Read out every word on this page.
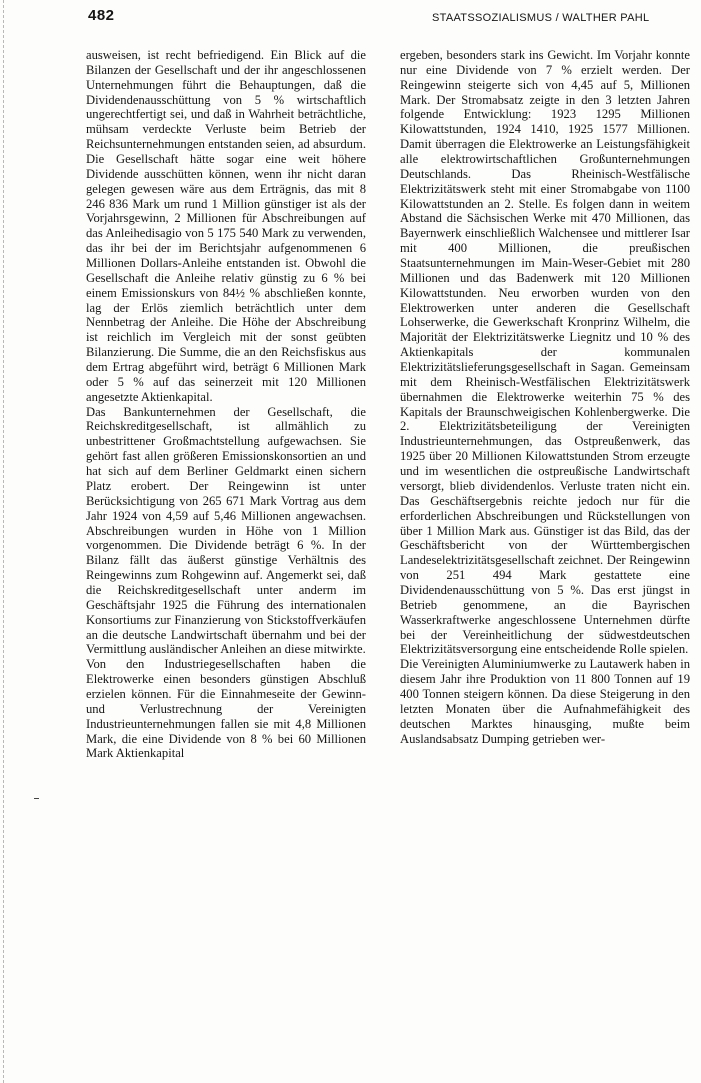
482	STAATSSOZIALISMUS / WALTHER PAHL

ausweisen, ist recht befriedigend. Ein Blick auf die Bilanzen der Gesellschaft und der ihr angeschlossenen Unternehmungen führt die Behauptungen, daß die Dividendenausschüttung von 5 % wirtschaftlich ungerechtfertigt sei, und daß in Wahrheit beträchtliche, mühsam verdeckte Verluste beim Betrieb der Reichsunternehmungen entstanden seien, ad absurdum. Die Gesellschaft hätte sogar eine weit höhere Dividende ausschütten können, wenn ihr nicht daran gelegen gewesen wäre aus dem Erträgnis, das mit 8 246 836 Mark um rund 1 Million günstiger ist als der Vorjahrsgewinn, 2 Millionen für Abschreibungen auf das Anleihedisagio von 5 175 540 Mark zu verwenden, das ihr bei der im Berichtsjahr aufgenommenen 6 Millionen Dollars-Anleihe entstanden ist. Obwohl die Gesellschaft die Anleihe relativ günstig zu 6 % bei einem Emissionskurs von 84½ % abschließen konnte, lag der Erlös ziemlich beträchtlich unter dem Nennbetrag der Anleihe. Die Höhe der Abschreibung ist reichlich im Vergleich mit der sonst geübten Bilanzierung. Die Summe, die an den Reichsfiskus aus dem Ertrag abgeführt wird, beträgt 6 Millionen Mark oder 5 % auf das seinerzeit mit 120 Millionen angesetzte Aktienkapital.

Das Bankunternehmen der Gesellschaft, die Reichskreditgesellschaft, ist allmählich zu unbestrittener Großmachtstellung aufgewachsen. Sie gehört fast allen größeren Emissionskonsortien an und hat sich auf dem Berliner Geldmarkt einen sichern Platz erobert. Der Reingewinn ist unter Berücksichtigung von 265 671 Mark Vortrag aus dem Jahr 1924 von 4,59 auf 5,46 Millionen angewachsen. Abschreibungen wurden in Höhe von 1 Million vorgenommen. Die Dividende beträgt 6 %. In der Bilanz fällt das äußerst günstige Verhältnis des Reingewinns zum Rohgewinn auf. Angemerkt sei, daß die Reichskreditgesellschaft unter anderm im Geschäftsjahr 1925 die Führung des internationalen Konsortiums zur Finanzierung von Stickstoffverkäufen an die deutsche Landwirtschaft übernahm und bei der Vermittlung ausländischer Anleihen an diese mitwirkte.

Von den Industriegesellschaften haben die Elektrowerke einen besonders günstigen Abschluß erzielen können. Für die Einnahmeseite der Gewinn- und Verlustrechnung der Vereinigten Industrieunternehmungen fallen sie mit 4,8 Millionen Mark, die eine Dividende von 8 % bei 60 Millionen Mark Aktienkapital

ergeben, besonders stark ins Gewicht. Im Vorjahr konnte nur eine Dividende von 7 % erzielt werden. Der Reingewinn steigerte sich von 4,45 auf 5, Millionen Mark. Der Stromabsatz zeigte in den 3 letzten Jahren folgende Entwicklung: 1923 1295 Millionen Kilowattstunden, 1924 1410, 1925 1577 Millionen. Damit überragen die Elektrowerke an Leistungsfähigkeit alle elektrowirtschaftlichen Großunternehmungen Deutschlands. Das Rheinisch-Westfälische Elektrizitätswerk steht mit einer Stromabgabe von 1100 Kilowattstunden an 2. Stelle. Es folgen dann in weitem Abstand die Sächsischen Werke mit 470 Millionen, das Bayernwerk einschließlich Walchensee und mittlerer Isar mit 400 Millionen, die preußischen Staatsunternehmungen im Main-Weser-Gebiet mit 280 Millionen und das Badenwerk mit 120 Millionen Kilowattstunden. Neu erworben wurden von den Elektrowerken unter anderen die Gesellschaft Lohserwerke, die Gewerkschaft Kronprinz Wilhelm, die Majorität der Elektrizitätswerke Liegnitz und 10 % des Aktienkapitals der kommunalen Elektrizitätslieferungsgesellschaft in Sagan. Gemeinsam mit dem Rheinisch-Westfälischen Elektrizitätswerk übernahmen die Elektrowerke weiterhin 75 % des Kapitals der Braunschweigischen Kohlenbergwerke. Die 2. Elektrizitätsbeteiligung der Vereinigten Industrieunternehmungen, das Ostpreußenwerk, das 1925 über 20 Millionen Kilowattstunden Strom erzeugte und im wesentlichen die ostpreußische Landwirtschaft versorgt, blieb dividendenlos. Verluste traten nicht ein. Das Geschäftsergebnis reichte jedoch nur für die erforderlichen Abschreibungen und Rückstellungen von über 1 Million Mark aus. Günstiger ist das Bild, das der Geschäftsbericht von der Württembergischen Landeselektrizitätsgesellschaft zeichnet. Der Reingewinn von 251 494 Mark gestattete eine Dividendenausschüttung von 5 %. Das erst jüngst in Betrieb genommene, an die Bayrischen Wasserkraftwerke angeschlossene Unternehmen dürfte bei der Vereinheitlichung der südwestdeutschen Elektrizitätsversorgung eine entscheidende Rolle spielen.

Die Vereinigten Aluminiumwerke zu Lautawerk haben in diesem Jahr ihre Produktion von 11 800 Tonnen auf 19 400 Tonnen steigern können. Da diese Steigerung in den letzten Monaten über die Aufnahmefähigkeit des deutschen Marktes hinausging, mußte beim Auslandsabsatz Dumping getrieben wer-
